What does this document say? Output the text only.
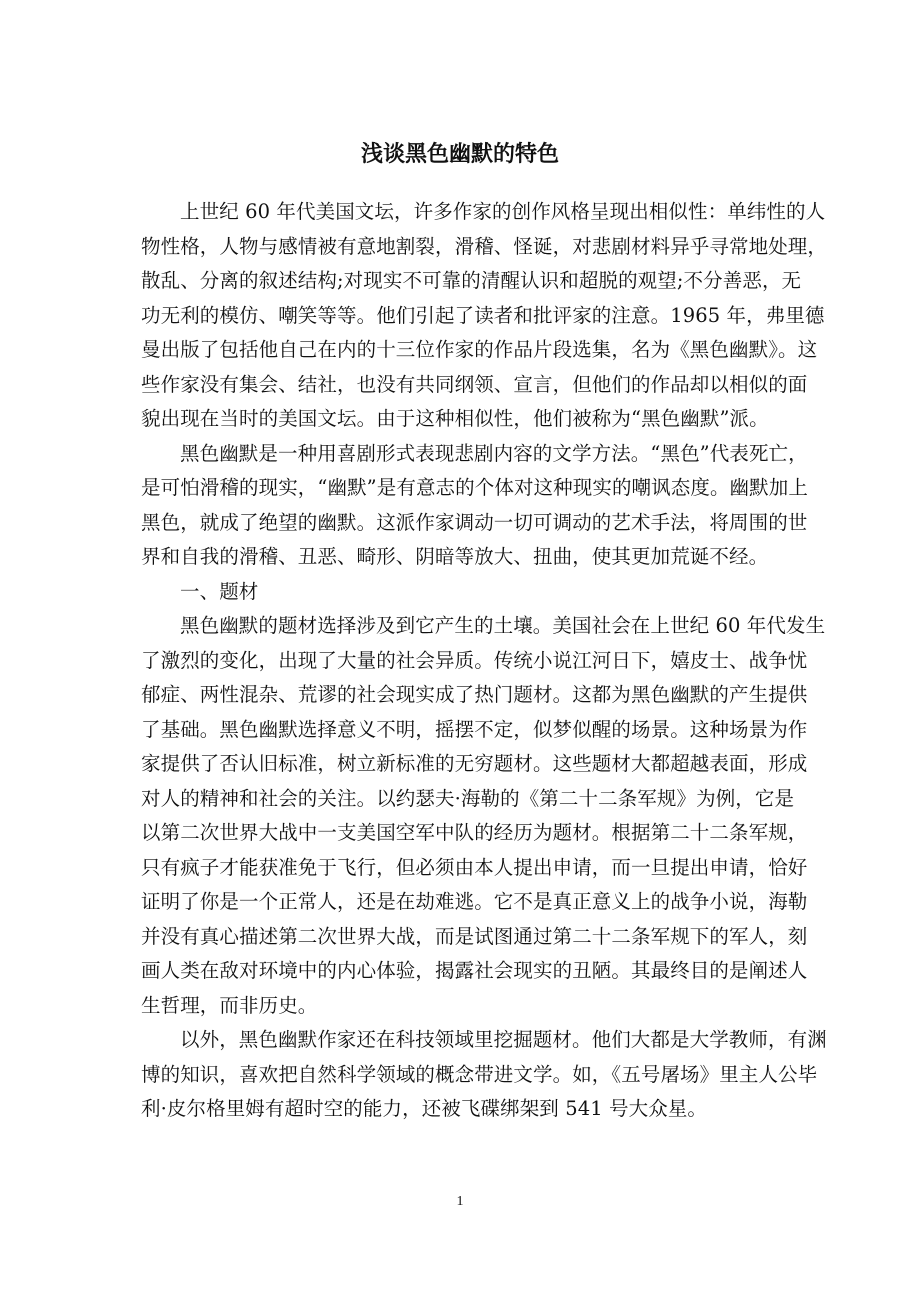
浅谈黑色幽默的特色
上世纪 60 年代美国文坛，许多作家的创作风格呈现出相似性：单纬性的人
物性格，人物与感情被有意地割裂，滑稽、怪诞，对悲剧材料异乎寻常地处理，
散乱、分离的叙述结构;对现实不可靠的清醒认识和超脱的观望;不分善恶，无
功无利的模仿、嘲笑等等。他们引起了读者和批评家的注意。1965 年，弗里德
曼出版了包括他自己在内的十三位作家的作品片段选集，名为《黑色幽默》。这
些作家没有集会、结社，也没有共同纲领、宣言，但他们的作品却以相似的面
貌出现在当时的美国文坛。由于这种相似性，他们被称为“黑色幽默”派。
黑色幽默是一种用喜剧形式表现悲剧内容的文学方法。“黑色”代表死亡，
是可怕滑稽的现实，“幽默”是有意志的个体对这种现实的嘲讽态度。幽默加上
黑色，就成了绝望的幽默。这派作家调动一切可调动的艺术手法，将周围的世
界和自我的滑稽、丑恶、畸形、阴暗等放大、扭曲，使其更加荒诞不经。
一、题材
黑色幽默的题材选择涉及到它产生的土壤。美国社会在上世纪 60 年代发生
了激烈的变化，出现了大量的社会异质。传统小说江河日下，嬉皮士、战争忧
郁症、两性混杂、荒谬的社会现实成了热门题材。这都为黑色幽默的产生提供
了基础。黑色幽默选择意义不明，摇摆不定，似梦似醒的场景。这种场景为作
家提供了否认旧标准，树立新标准的无穷题材。这些题材大都超越表面，形成
对人的精神和社会的关注。以约瑟夫·海勒的《第二十二条军规》为例，它是
以第二次世界大战中一支美国空军中队的经历为题材。根据第二十二条军规，
只有疯子才能获准免于飞行，但必须由本人提出申请，而一旦提出申请，恰好
证明了你是一个正常人，还是在劫难逃。它不是真正意义上的战争小说，海勒
并没有真心描述第二次世界大战，而是试图通过第二十二条军规下的军人，刻
画人类在敌对环境中的内心体验，揭露社会现实的丑陋。其最终目的是阐述人
生哲理，而非历史。
以外，黑色幽默作家还在科技领域里挖掘题材。他们大都是大学教师，有渊
博的知识，喜欢把自然科学领域的概念带进文学。如，《五号屠场》里主人公毕
利·皮尔格里姆有超时空的能力，还被飞碟绑架到 541 号大众星。
1
